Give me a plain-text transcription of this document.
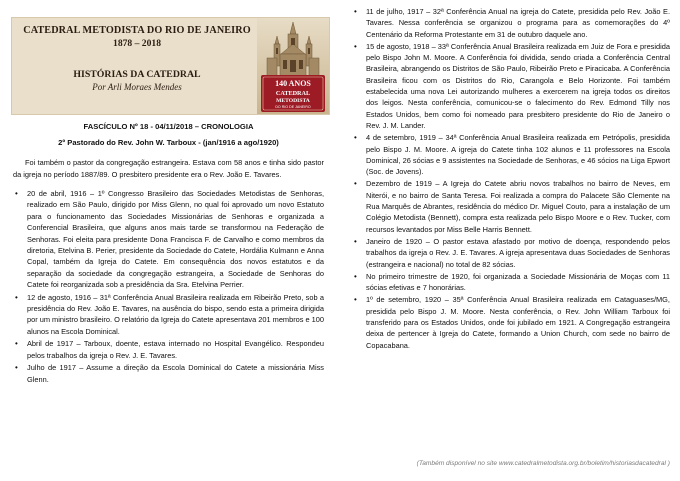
CATEDRAL METODISTA DO RIO DE JANEIRO
1878 – 2018
HISTÓRIAS DA CATEDRAL
Por Arli Moraes Mendes	140 ANOS
CATEDRAL
METODISTA
DO RIO DE JANEIRO
FASCÍCULO Nº 18 - 04/11/2018 – CRONOLOGIA
2º Pastorado do Rev. John W. Tarboux - (jan/1916 a ago/1920)

Foi também o pastor da congregação estrangeira. Estava com 58 anos e tinha sido pastor da igreja no período 1887/89. O presbitero presidente era o Rev. João E. Tavares.

• 20 de abril, 1916 – 1º Congresso Brasileiro das Sociedades Metodistas de Senhoras, realizado em São Paulo, dirigido por Miss Glenn, no qual foi aprovado um novo Estatuto para o funcionamento das Sociedades Missionárias de Senhoras e organizada a Conferencial Brasileira, que alguns anos mais tarde se transformou na Federação de Senhoras. Foi eleita para presidente Dona Francisca F. de Carvalho e como membros da diretoria, Etelvina B. Perier, presidente da Sociedade do Catete, Hordália Kulmann e Anna Copal, também da Igreja do Catete. Em consequência dos novos estatutos e da separação da sociedade da congregação estrangeira, a Sociedade de Senhoras do Catete foi reorganizada sob a presidência da Sra. Etelvina Perrier.
• 12 de agosto, 1916 – 31ª Conferência Anual Brasileira realizada em Ribeirão Preto, sob a presidência do Rev. João E. Tavares, na ausência do bispo, sendo esta a primeira dirigida por um ministro brasileiro. O relatório da Igreja do Catete apresentava 201 membros e 100 alunos na Escola Dominical.
• Abril de 1917 – Tarboux, doente, estava internado no Hospital Evangélico. Respondeu pelos trabalhos da igreja o Rev. J. E. Tavares.
• Julho de 1917 – Assume a direção da Escola Dominical do Catete a missionária Miss Glenn.
• 11 de julho, 1917 – 32ª Conferência Anual na igreja do Catete, presidida pelo Rev. João E. Tavares. Nessa conferência se organizou o programa para as comemorações do 4º Centenário da Reforma Protestante em 31 de outubro daquele ano.
• 15 de agosto, 1918 – 33ª Conferência Anual Brasileira realizada em Juiz de Fora e presidida pelo Bispo John M. Moore. A Conferência foi dividida, sendo criada a Conferência Central Brasileira, abrangendo os Distritos de São Paulo, Ribeirão Preto e Piracicaba. A Conferência Brasileira ficou com os Distritos do Rio, Carangola e Belo Horizonte. Foi também estabelecida uma nova Lei autorizando mulheres a exercerem na igreja todos os direitos dos leigos. Nesta conferência, comunicou-se o falecimento do Rev. Edmond Tilly nos Estados Unidos, bem como foi nomeado para presbitero presidente do Rio de Janeiro o Rev. J. M. Lander.
• 4 de setembro, 1919 – 34ª Conferência Anual Brasileira realizada em Petrópolis, presidida pelo Bispo J. M. Moore. A igreja do Catete tinha 102 alunos e 11 professores na Escola Dominical, 26 sócias e 9 assistentes na Sociedade de Senhoras, e 46 sócios na Liga Epwort (Soc. de Jovens).
• Dezembro de 1919 – A Igreja do Catete abriu novos trabalhos no bairro de Neves, em Niterói, e no bairro de Santa Teresa. Foi realizada a compra do Palacete São Clemente na Rua Marquês de Abrantes, residência do médico Dr. Miguel Couto, para a instalação de um Colégio Metodista (Bennett), compra esta realizada pelo Bispo Moore e o Rev. Tucker, com recursos levantados por Miss Belle Harris Bennett.
• Janeiro de 1920 – O pastor estava afastado por motivo de doença, respondendo pelos trabalhos da igreja o Rev. J. E. Tavares. A igreja apresentava duas Sociedades de Senhoras (estrangeira e nacional) no total de 82 sócias.
• No primeiro trimestre de 1920, foi organizada a Sociedade Missionária de Moças com 11 sócias efetivas e 7 honorárias.
• 1º de setembro, 1920 – 35ª Conferência Anual Brasileira realizada em Cataguases/MG, presidida pelo Bispo J. M. Moore. Nesta conferência, o Rev. John William Tarboux foi transferido para os Estados Unidos, onde foi jubilado em 1921. A Congregação estrangeira deixa de pertencer à Igreja do Catete, formando a Union Church, com sede no bairro de Copacabana.
(Também disponível no site www.catedralmetodista.org.br/boletim/historiasdacatedral )
